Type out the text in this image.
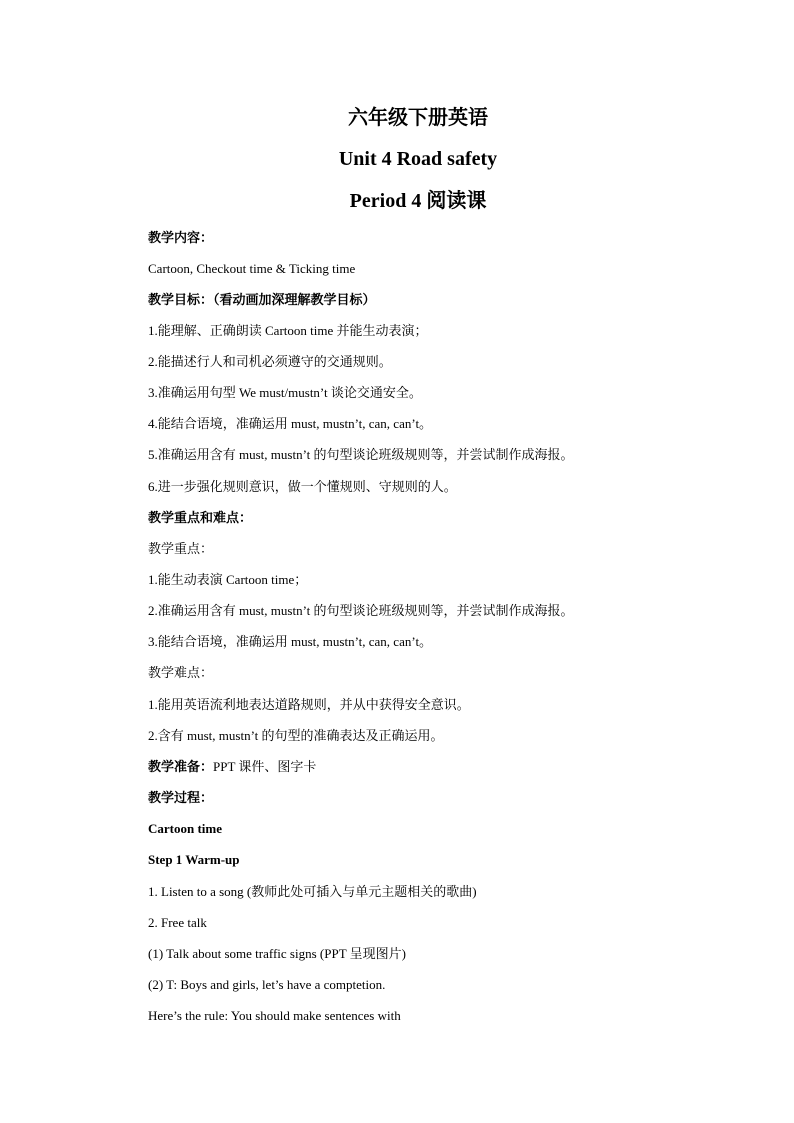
六年级下册英语
Unit 4 Road safety
Period 4 阅读课
教学内容：
Cartoon, Checkout time & Ticking time
教学目标：（看动画加深理解教学目标）
1.能理解、正确朗读 Cartoon time 并能生动表演；
2.能描述行人和司机必须遵守的交通规则。
3.准确运用句型 We must/mustn’t 谈论交通安全。
4.能结合语境，准确运用 must, mustn’t, can, can’t。
5.准确运用含有 must, mustn’t 的句型谈论班级规则等，并尝试制作成海报。
6.进一步强化规则意识，做一个懂规则、守规则的人。
教学重点和难点：
教学重点：
1.能生动表演 Cartoon time；
2.准确运用含有 must, mustn’t 的句型谈论班级规则等，并尝试制作成海报。
3.能结合语境，准确运用 must, mustn’t, can, can’t。
教学难点：
1.能用英语流利地表达道路规则，并从中获得安全意识。
2.含有 must, mustn’t 的句型的准确表达及正确运用。
教学准备：PPT 课件、图字卡
教学过程：
Cartoon time
Step 1 Warm-up
1. Listen to a song (教师此处可插入与单元主题相关的歌曲)
2. Free talk
(1) Talk about some traffic signs (PPT 呈现图片)
(2) T: Boys and girls, let’s have a comptetion.
Here’s the rule: You should make sentences with
